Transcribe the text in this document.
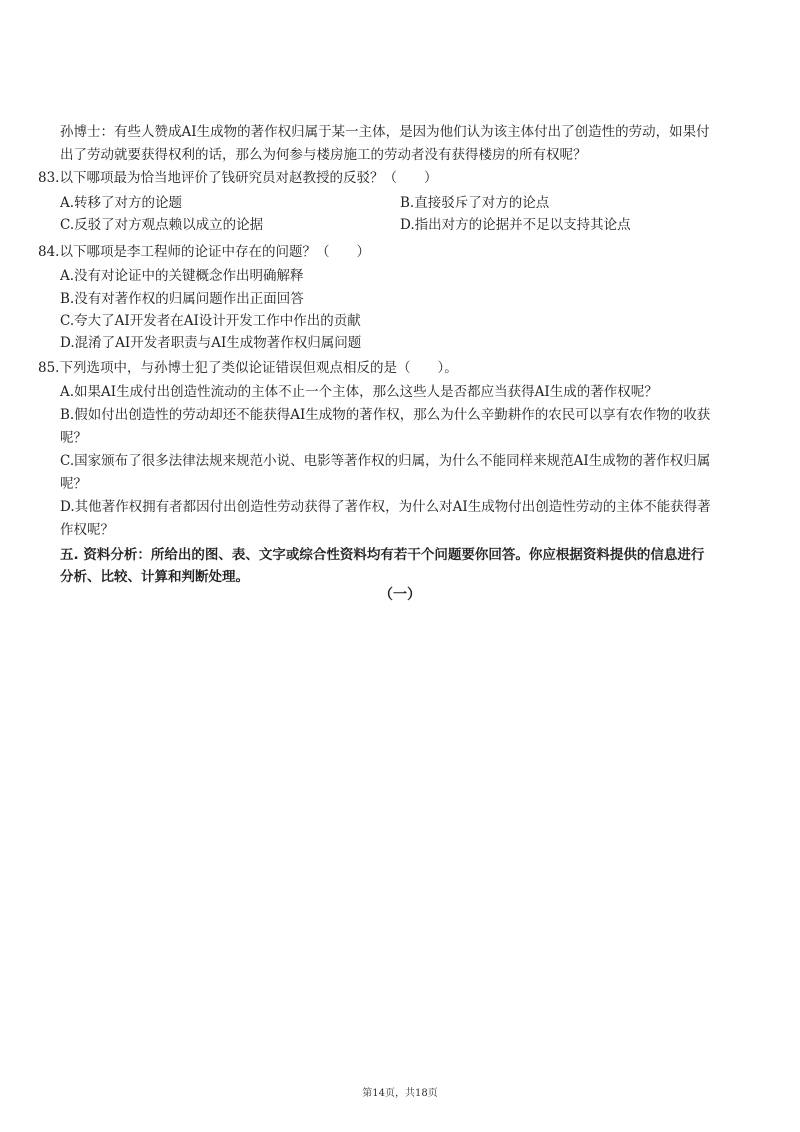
孙博士：有些人赞成AI生成物的著作权归属于某一主体，是因为他们认为该主体付出了创造性的劳动，如果付
出了劳动就要获得权利的话，那么为何参与楼房施工的劳动者没有获得楼房的所有权呢？
83.以下哪项最为恰当地评价了钱研究员对赵教授的反驳？（　　）
A.转移了对方的论题	B.直接驳斥了对方的论点
C.反驳了对方观点赖以成立的论据	D.指出对方的论据并不足以支持其论点
84.以下哪项是李工程师的论证中存在的问题？（　　）
A.没有对论证中的关键概念作出明确解释
B.没有对著作权的归属问题作出正面回答
C.夸大了AI开发者在AI设计开发工作中作出的贡献
D.混淆了AI开发者职责与AI生成物著作权归属问题
85.下列选项中，与孙博士犯了类似论证错误但观点相反的是（　　）。
A.如果AI生成付出创造性流动的主体不止一个主体，那么这些人是否都应当获得AI生成的著作权呢？
B.假如付出创造性的劳动却还不能获得AI生成物的著作权，那么为什么辛勤耕作的农民可以享有农作物的收获
呢？
C.国家颁布了很多法律法规来规范小说、电影等著作权的归属，为什么不能同样来规范AI生成物的著作权归属
呢？
D.其他著作权拥有者都因付出创造性劳动获得了著作权，为什么对AI生成物付出创造性劳动的主体不能获得著
作权呢？
五. 资料分析：所给出的图、表、文字或综合性资料均有若干个问题要你回答。你应根据资料提供的信息进行
分析、比较、计算和判断处理。
（一）
第14页，共18页
